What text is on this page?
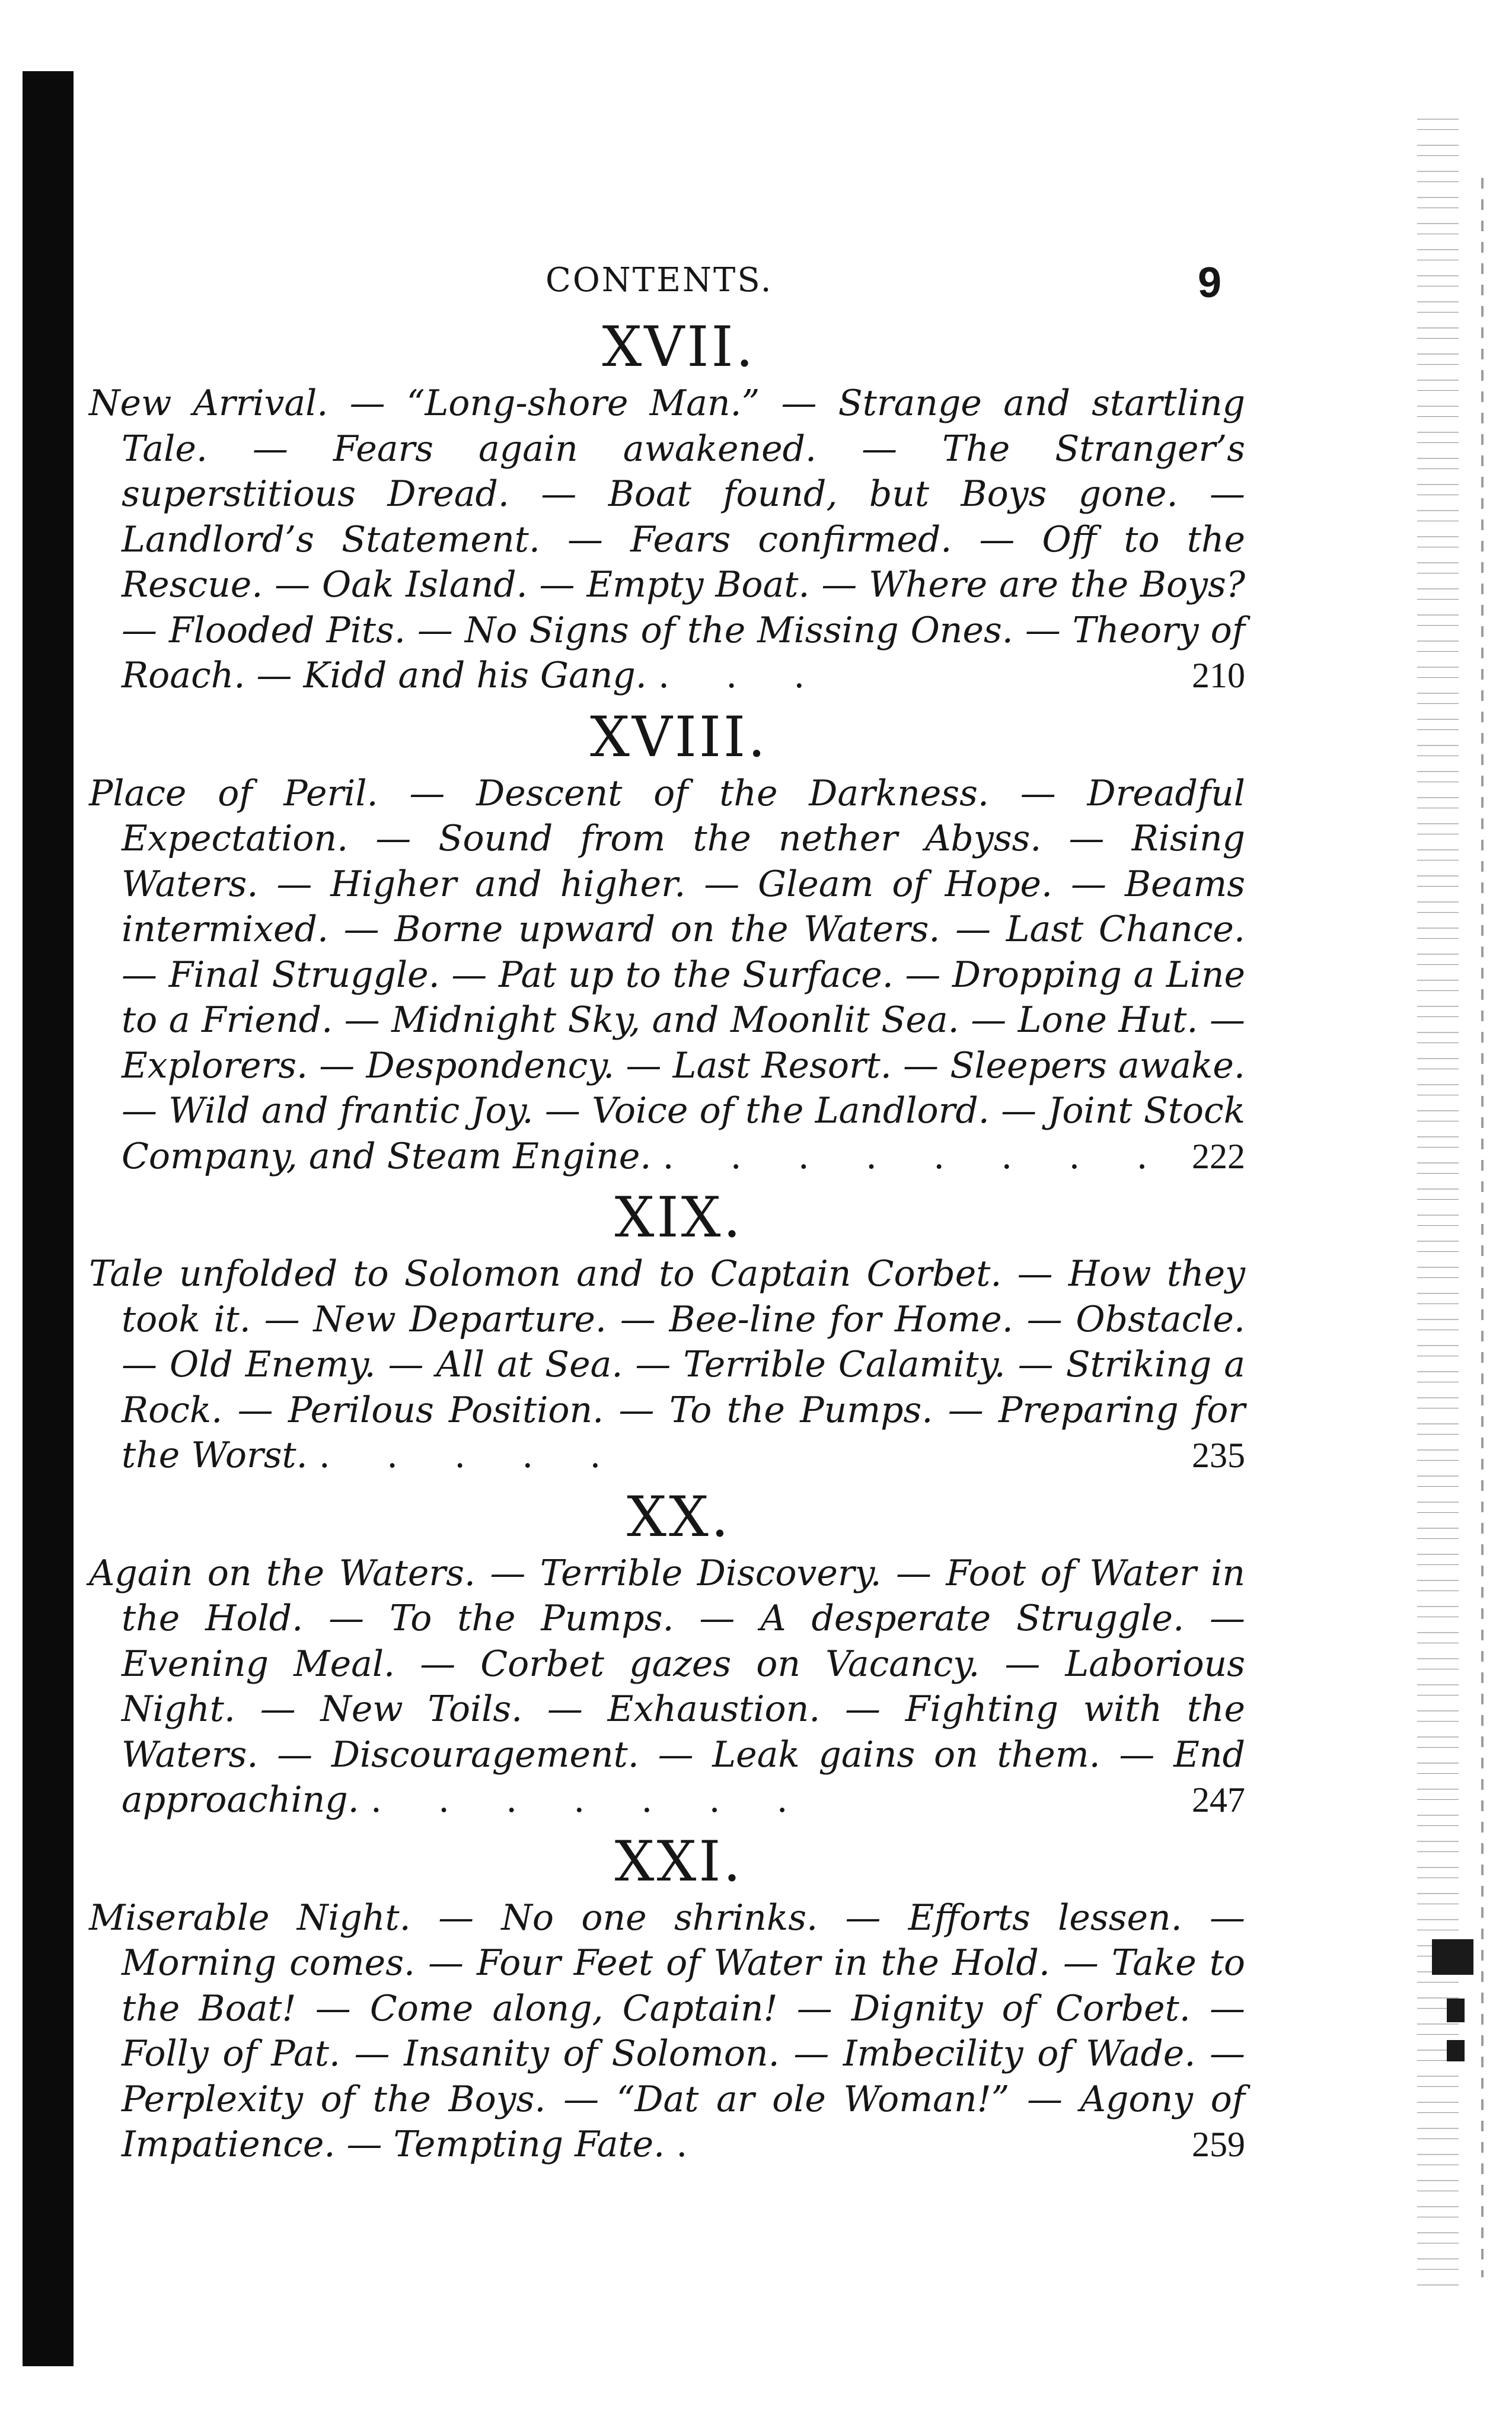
CONTENTS.	9
XVII.
New Arrival. — “Long-shore Man.” — Strange and startling Tale. — Fears again awakened. — The Stranger’s superstitious Dread. — Boat found, but Boys gone. — Landlord’s Statement. — Fears confirmed. — Off to the Rescue. — Oak Island. — Empty Boat. — Where are the Boys? — Flooded Pits. — No Signs of the Missing Ones. — Theory of Roach. — Kidd and his Gang. . . .	210
XVIII.
Place of Peril. — Descent of the Darkness. — Dreadful Expectation. — Sound from the nether Abyss. — Rising Waters. — Higher and higher. — Gleam of Hope. — Beams intermixed. — Borne upward on the Waters. — Last Chance. — Final Struggle. — Pat up to the Surface. — Dropping a Line to a Friend. — Midnight Sky, and Moonlit Sea. — Lone Hut. — Explorers. — Despondency. — Last Resort. — Sleepers awake. — Wild and frantic Joy. — Voice of the Landlord. — Joint Stock Company, and Steam Engine. . . . . . . . . 222
XIX.
Tale unfolded to Solomon and to Captain Corbet. — How they took it. — New Departure. — Bee-line for Home. — Obstacle. — Old Enemy. — All at Sea. — Terrible Calamity. — Striking a Rock. — Perilous Position. — To the Pumps. — Preparing for the Worst. . . . . .	235
XX.
Again on the Waters. — Terrible Discovery. — Foot of Water in the Hold. — To the Pumps. — A desperate Struggle. — Evening Meal. — Corbet gazes on Vacancy. — Laborious Night. — New Toils. — Exhaustion. — Fighting with the Waters. — Discouragement. — Leak gains on them. — End approaching. . . . . . . .	247
XXI.
Miserable Night. — No one shrinks. — Efforts lessen. — Morning comes. — Four Feet of Water in the Hold. — Take to the Boat! — Come along, Captain! — Dignity of Corbet. — Folly of Pat. — Insanity of Solomon. — Imbecility of Wade. — Perplexity of the Boys. — “Dat ar ole Woman!” — Agony of Impatience. — Tempting Fate. .	259
